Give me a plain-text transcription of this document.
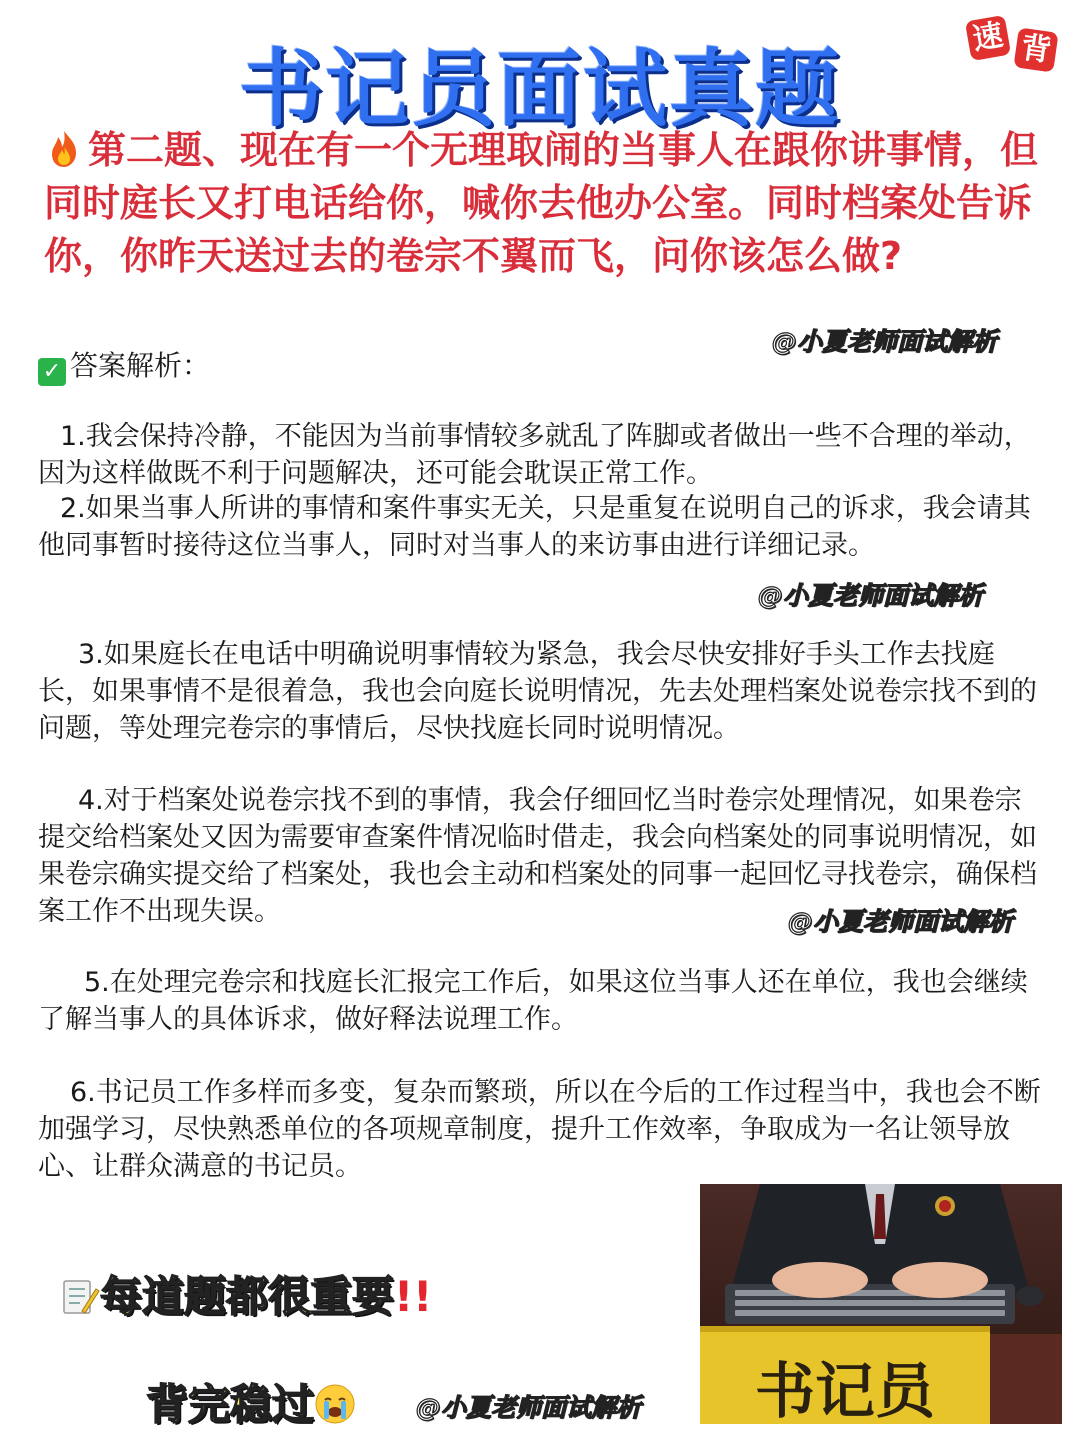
书记员面试真题
速 背
第二题、现在有一个无理取闹的当事人在跟你讲事情，但同时庭长又打电话给你，喊你去他办公室。同时档案处告诉你，你昨天送过去的卷宗不翼而飞，问你该怎么做?
@小夏老师面试解析
@小夏老师面试解析
@小夏老师面试解析
@小夏老师面试解析
✓ 答案解析：
1.我会保持冷静，不能因为当前事情较多就乱了阵脚或者做出一些不合理的举动，因为这样做既不利于问题解决，还可能会耽误正常工作。
2.如果当事人所讲的事情和案件事实无关，只是重复在说明自己的诉求，我会请其他同事暂时接待这位当事人，同时对当事人的来访事由进行详细记录。
3.如果庭长在电话中明确说明事情较为紧急，我会尽快安排好手头工作去找庭长，如果事情不是很着急，我也会向庭长说明情况，先去处理档案处说卷宗找不到的问题，等处理完卷宗的事情后，尽快找庭长同时说明情况。
4.对于档案处说卷宗找不到的事情，我会仔细回忆当时卷宗处理情况，如果卷宗提交给档案处又因为需要审查案件情况临时借走，我会向档案处的同事说明情况，如果卷宗确实提交给了档案处，我也会主动和档案处的同事一起回忆寻找卷宗，确保档案工作不出现失误。
5.在处理完卷宗和找庭长汇报完工作后，如果这位当事人还在单位，我也会继续了解当事人的具体诉求，做好释法说理工作。
6.书记员工作多样而多变，复杂而繁琐，所以在今后的工作过程当中，我也会不断加强学习，尽快熟悉单位的各项规章制度，提升工作效率，争取成为一名让领导放心、让群众满意的书记员。
每道题都很重要!!
背完稳过	书记员
